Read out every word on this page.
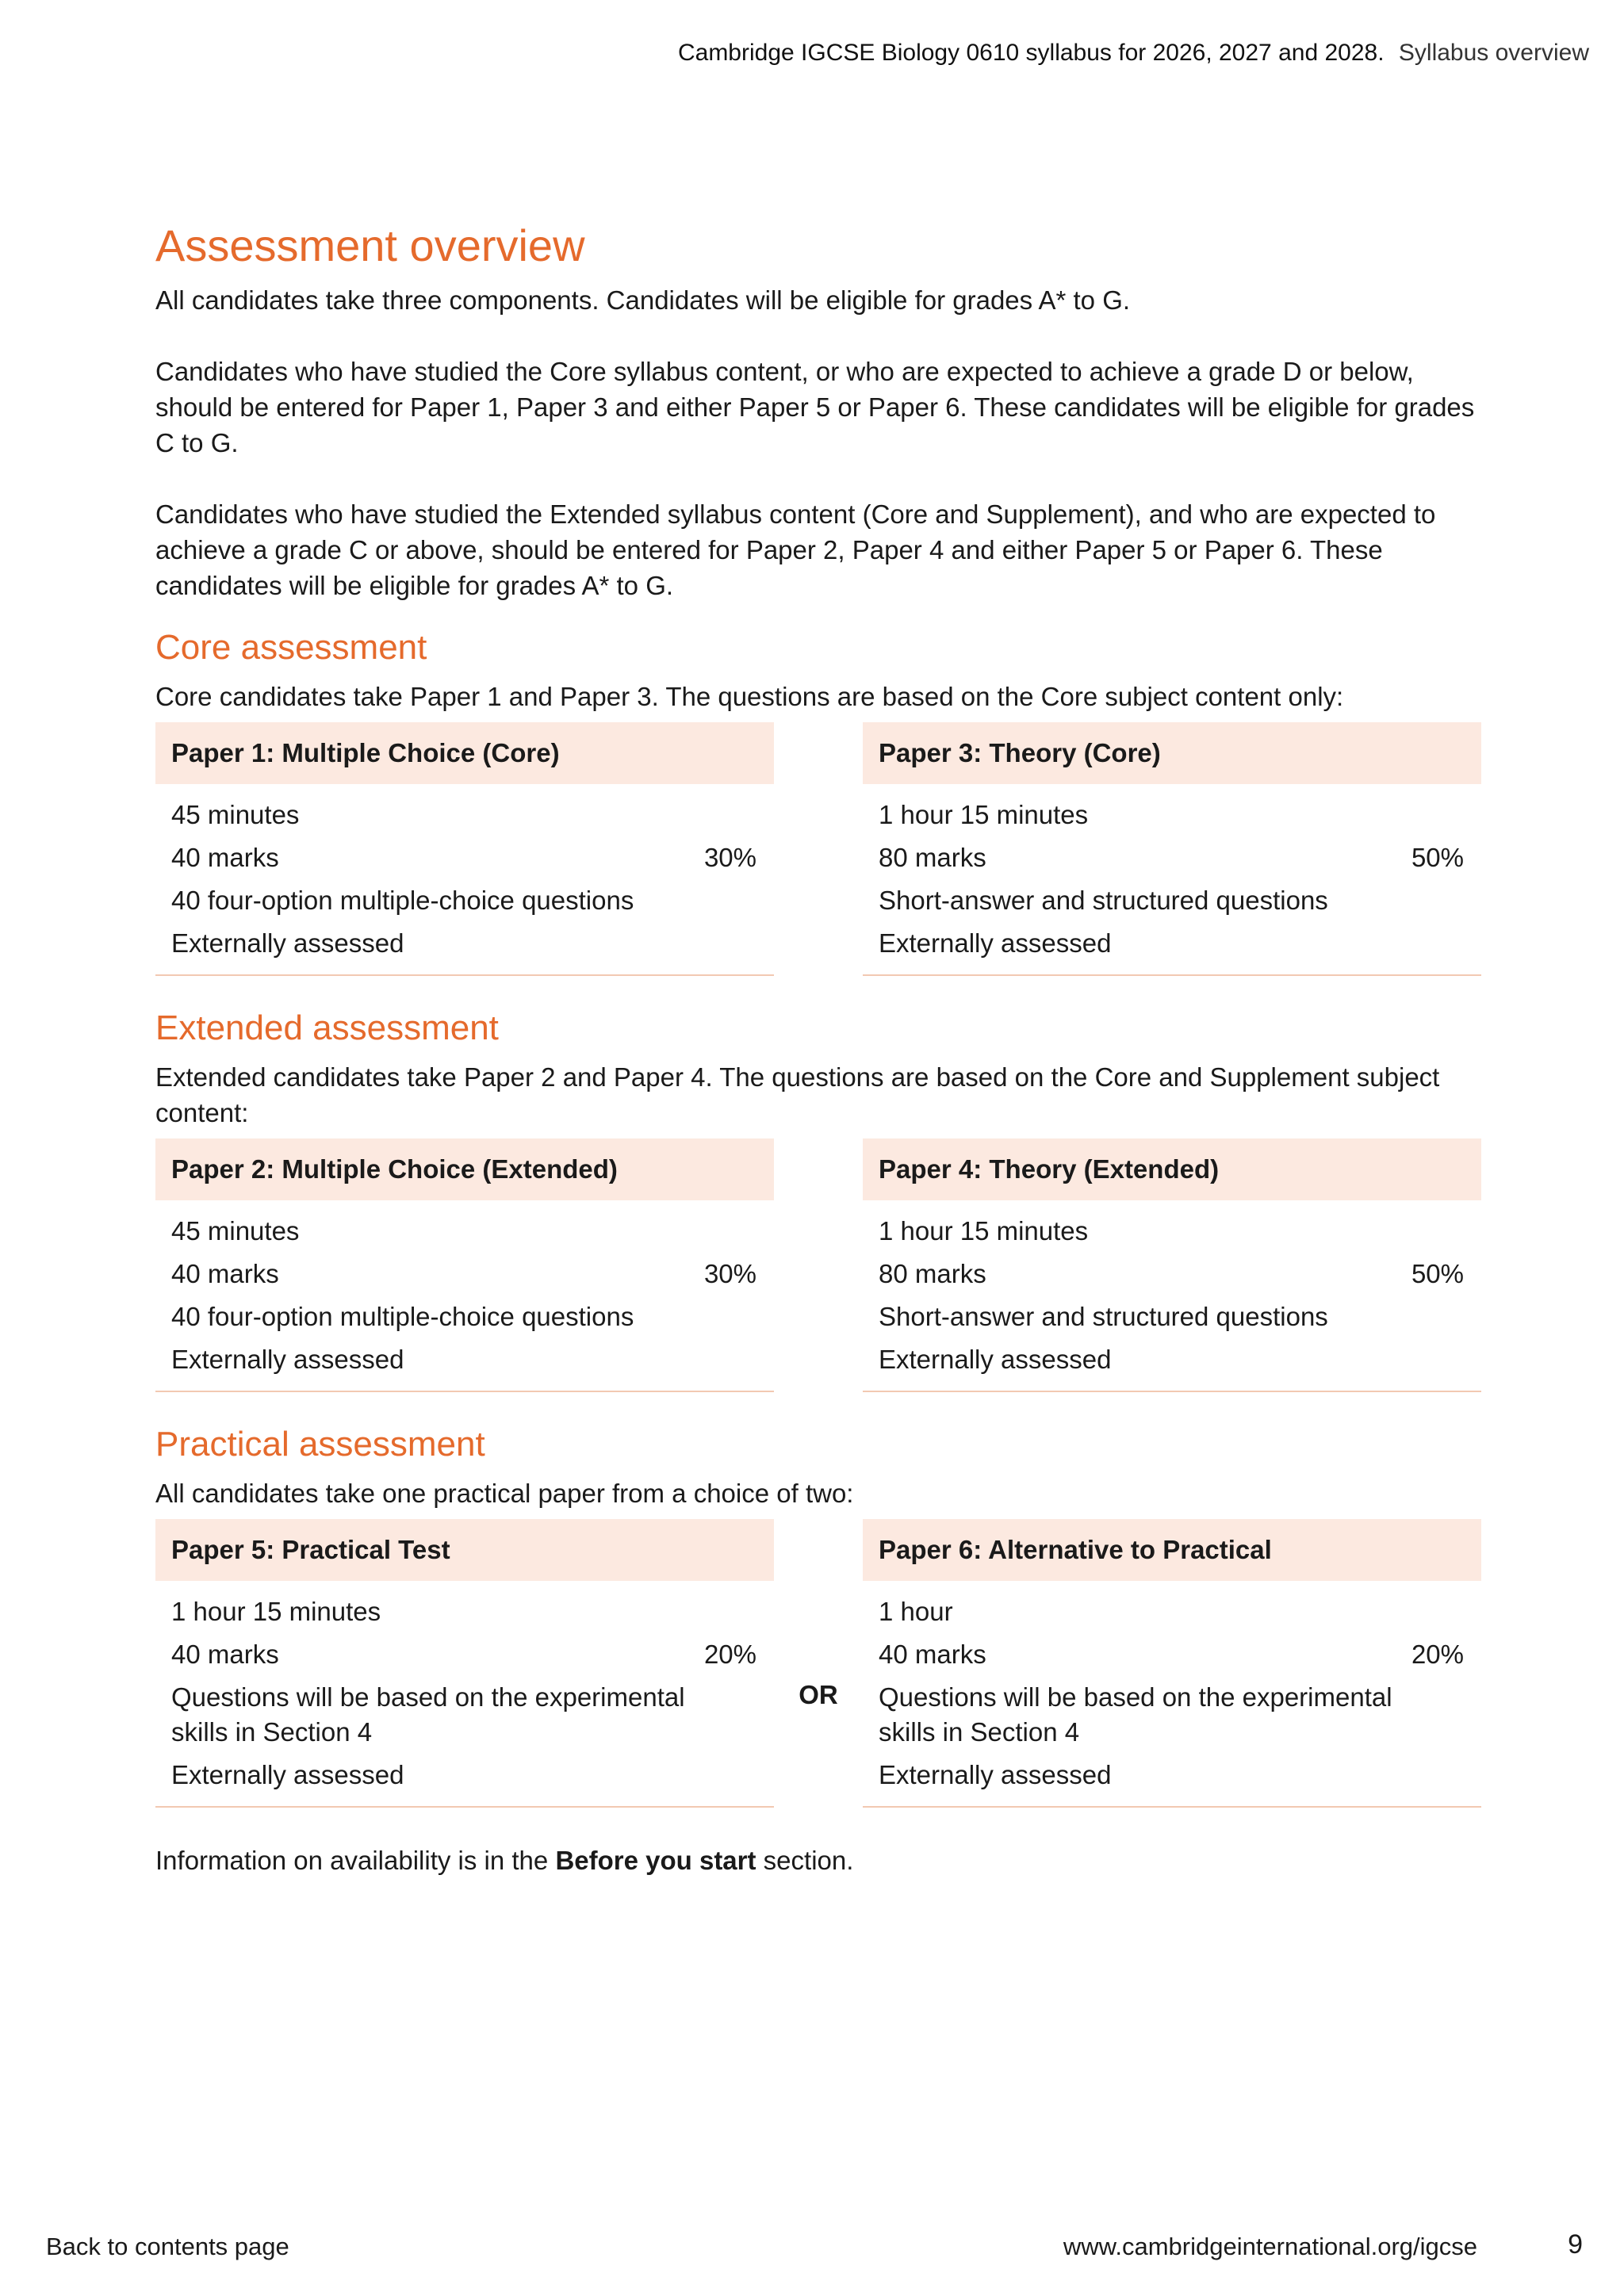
Cambridge IGCSE Biology 0610 syllabus for 2026, 2027 and 2028. Syllabus overview
Assessment overview

All candidates take three components. Candidates will be eligible for grades A* to G.

Candidates who have studied the Core syllabus content, or who are expected to achieve a grade D or below, should be entered for Paper 1, Paper 3 and either Paper 5 or Paper 6. These candidates will be eligible for grades C to G.

Candidates who have studied the Extended syllabus content (Core and Supplement), and who are expected to achieve a grade C or above, should be entered for Paper 2, Paper 4 and either Paper 5 or Paper 6. These candidates will be eligible for grades A* to G.

Core assessment

Core candidates take Paper 1 and Paper 3. The questions are based on the Core subject content only:

Paper 1: Multiple Choice (Core)
45 minutes
40 marks	30%
40 four-option multiple-choice questions
Externally assessed
Paper 3: Theory (Core)
1 hour 15 minutes
80 marks	50%
Short-answer and structured questions
Externally assessed
Extended assessment

Extended candidates take Paper 2 and Paper 4. The questions are based on the Core and Supplement subject content:

Paper 2: Multiple Choice (Extended)
45 minutes
40 marks	30%
40 four-option multiple-choice questions
Externally assessed
Paper 4: Theory (Extended)
1 hour 15 minutes
80 marks	50%
Short-answer and structured questions
Externally assessed
Practical assessment

All candidates take one practical paper from a choice of two:

Paper 5: Practical Test
1 hour 15 minutes
40 marks	20%
Questions will be based on the experimental skills in Section 4
Externally assessed
OR
Paper 6: Alternative to Practical
1 hour
40 marks	20%
Questions will be based on the experimental skills in Section 4
Externally assessed

Information on availability is in the Before you start section.

Back to contents page	www.cambridgeinternational.org/igcse	9
